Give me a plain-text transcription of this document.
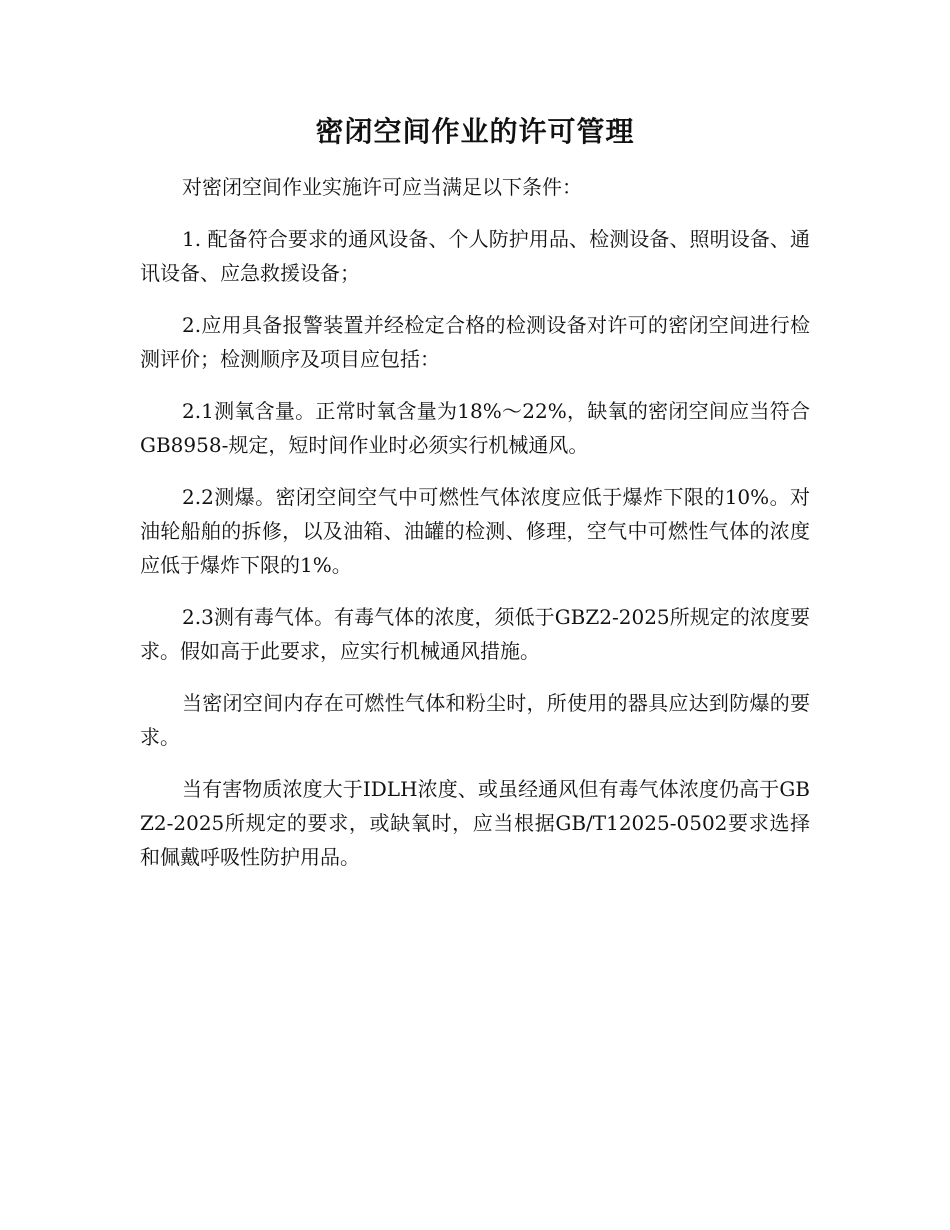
密闭空间作业的许可管理

对密闭空间作业实施许可应当满足以下条件：

1. 配备符合要求的通风设备、个人防护用品、检测设备、照明设备、通讯设备、应急救援设备；

2.应用具备报警装置并经检定合格的检测设备对许可的密闭空间进行检测评价；检测顺序及项目应包括：

2.1测氧含量。正常时氧含量为18%～22%，缺氧的密闭空间应当符合GB8958-规定，短时间作业时必须实行机械通风。

2.2测爆。密闭空间空气中可燃性气体浓度应低于爆炸下限的10%。对油轮船舶的拆修，以及油箱、油罐的检测、修理，空气中可燃性气体的浓度应低于爆炸下限的1%。

2.3测有毒气体。有毒气体的浓度，须低于GBZ2-2025所规定的浓度要求。假如高于此要求，应实行机械通风措施。

当密闭空间内存在可燃性气体和粉尘时，所使用的器具应达到防爆的要求。

当有害物质浓度大于IDLH浓度、或虽经通风但有毒气体浓度仍高于GBZ2-2025所规定的要求，或缺氧时，应当根据GB/T12025-0502要求选择和佩戴呼吸性防护用品。
